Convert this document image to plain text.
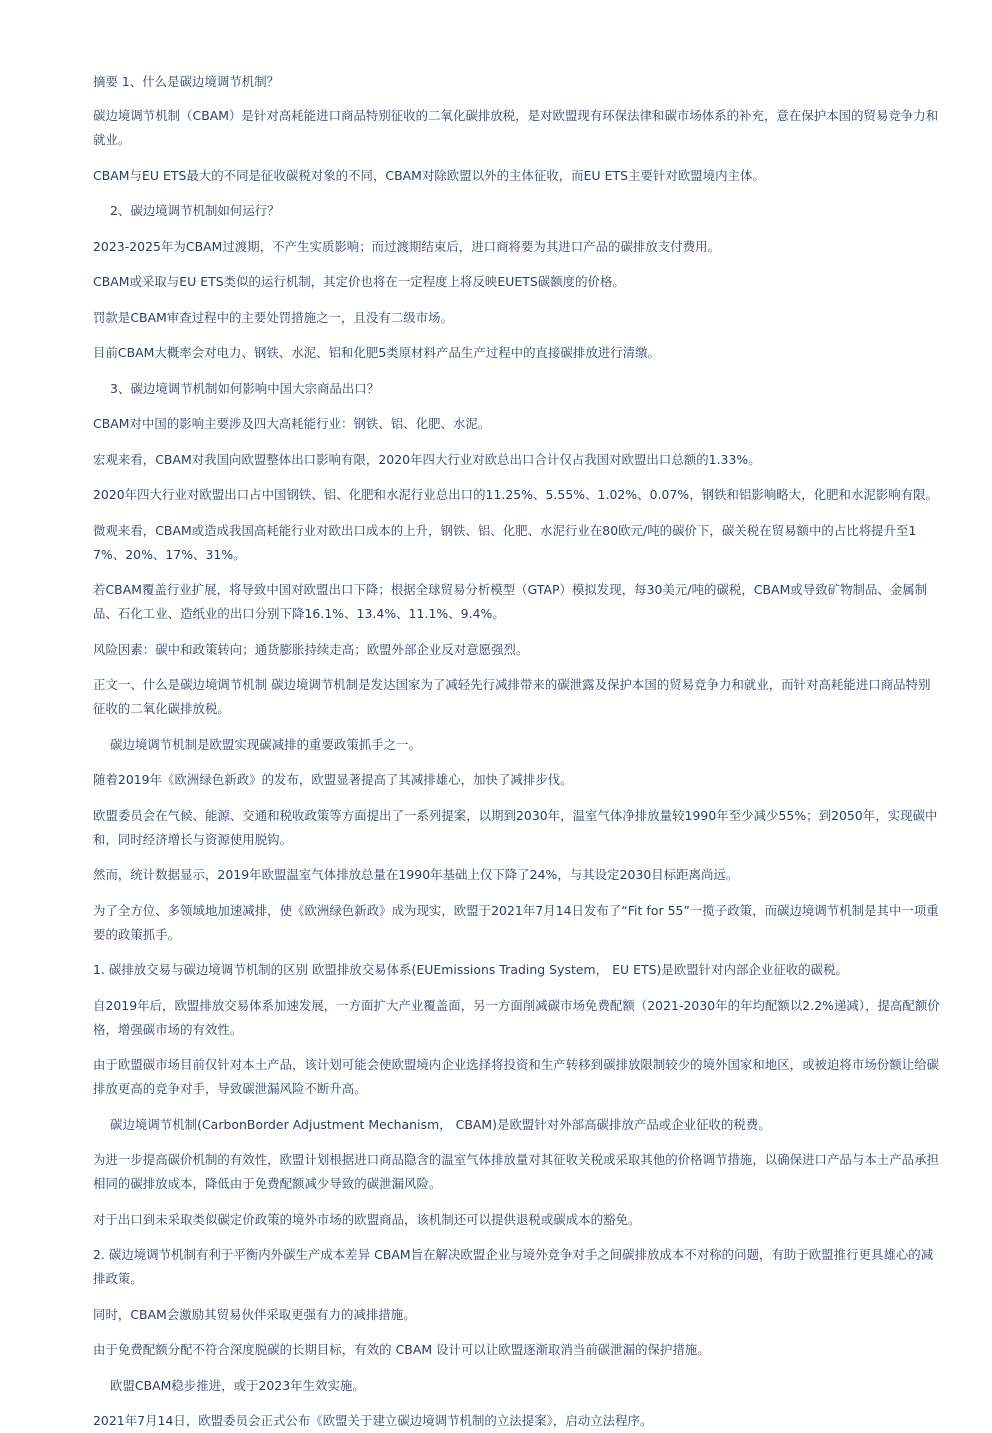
摘要 1、什么是碳边境调节机制？

碳边境调节机制（CBAM）是针对高耗能进口商品特别征收的二氧化碳排放税，是对欧盟现有环保法律和碳市场体系的补充，意在保护本国的贸易竞争力和就业。

CBAM与EU ETS最大的不同是征收碳税对象的不同，CBAM对除欧盟以外的主体征收，而EU ETS主要针对欧盟境内主体。

2、碳边境调节机制如何运行？

2023-2025年为CBAM过渡期，不产生实质影响；而过渡期结束后，进口商将要为其进口产品的碳排放支付费用。

CBAM或采取与EU ETS类似的运行机制，其定价也将在一定程度上将反映EUETS碳额度的价格。

罚款是CBAM审查过程中的主要处罚措施之一，且没有二级市场。

目前CBAM大概率会对电力、钢铁、水泥、铝和化肥5类原材料产品生产过程中的直接碳排放进行清缴。

3、碳边境调节机制如何影响中国大宗商品出口？

CBAM对中国的影响主要涉及四大高耗能行业：钢铁、铝、化肥、水泥。

宏观来看，CBAM对我国向欧盟整体出口影响有限，2020年四大行业对欧总出口合计仅占我国对欧盟出口总额的1.33%。

2020年四大行业对欧盟出口占中国钢铁、铝、化肥和水泥行业总出口的11.25%、5.55%、1.02%、0.07%，钢铁和铝影响略大，化肥和水泥影响有限。

微观来看，CBAM或造成我国高耗能行业对欧出口成本的上升，钢铁、铝、化肥、水泥行业在80欧元/吨的碳价下，碳关税在贸易额中的占比将提升至17%、20%、17%、31%。

若CBAM覆盖行业扩展，将导致中国对欧盟出口下降；根据全球贸易分析模型（GTAP）模拟发现，每30美元/吨的碳税，CBAM或导致矿物制品、金属制品、石化工业、造纸业的出口分别下降16.1%、13.4%、11.1%、9.4%。

风险因素：碳中和政策转向；通货膨胀持续走高；欧盟外部企业反对意愿强烈。

正文一、什么是碳边境调节机制 碳边境调节机制是发达国家为了减轻先行减排带来的碳泄露及保护本国的贸易竞争力和就业，而针对高耗能进口商品特别征收的二氧化碳排放税。

碳边境调节机制是欧盟实现碳减排的重要政策抓手之一。

随着2019年《欧洲绿色新政》的发布，欧盟显著提高了其减排雄心，加快了减排步伐。

欧盟委员会在气候、能源、交通和税收政策等方面提出了一系列提案，以期到2030年，温室气体净排放量较1990年至少减少55%；到2050年，实现碳中和，同时经济增长与资源使用脱钩。

然而，统计数据显示，2019年欧盟温室气体排放总量在1990年基础上仅下降了24%，与其设定2030目标距离尚远。

为了全方位、多领域地加速减排，使《欧洲绿色新政》成为现实，欧盟于2021年7月14日发布了“Fit for 55”一揽子政策，而碳边境调节机制是其中一项重要的政策抓手。

1. 碳排放交易与碳边境调节机制的区别 欧盟排放交易体系(EUEmissions Trading System， EU ETS)是欧盟针对内部企业征收的碳税。

自2019年后，欧盟排放交易体系加速发展，一方面扩大产业覆盖面，另一方面削减碳市场免费配额（2021-2030年的年均配额以2.2%递减），提高配额价格，增强碳市场的有效性。

由于欧盟碳市场目前仅针对本土产品，该计划可能会使欧盟境内企业选择将投资和生产转移到碳排放限制较少的境外国家和地区，或被迫将市场份额让给碳排放更高的竞争对手，导致碳泄漏风险不断升高。

碳边境调节机制(CarbonBorder Adjustment Mechanism， CBAM)是欧盟针对外部高碳排放产品或企业征收的税费。

为进一步提高碳价机制的有效性，欧盟计划根据进口商品隐含的温室气体排放量对其征收关税或采取其他的价格调节措施，以确保进口产品与本土产品承担相同的碳排放成本，降低由于免费配额减少导致的碳泄漏风险。

对于出口到未采取类似碳定价政策的境外市场的欧盟商品，该机制还可以提供退税或碳成本的豁免。

2. 碳边境调节机制有利于平衡内外碳生产成本差异 CBAM旨在解决欧盟企业与境外竞争对手之间碳排放成本不对称的问题，有助于欧盟推行更具雄心的减排政策。

同时，CBAM会激励其贸易伙伴采取更强有力的减排措施。

由于免费配额分配不符合深度脱碳的长期目标，有效的 CBAM 设计可以让欧盟逐渐取消当前碳泄漏的保护措施。

欧盟CBAM稳步推进，或于2023年生效实施。

2021年7月14日，欧盟委员会正式公布《欧盟关于建立碳边境调节机制的立法提案》，启动立法程序。
